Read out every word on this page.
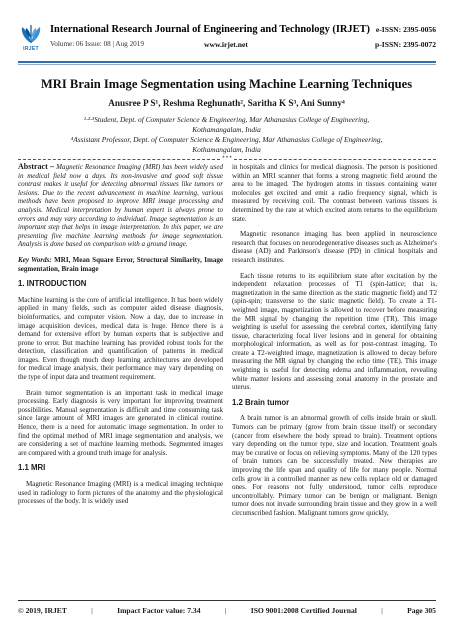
IRJET
International Research Journal of Engineering and Technology (IRJET)
Volume: 06 Issue: 08 | Aug 2019	www.irjet.net
e-ISSN: 2395-0056
p-ISSN: 2395-0072
MRI Brain Image Segmentation using Machine Learning Techniques
Anusree P S¹, Reshma Reghunath², Saritha K S³, Ani Sunny⁴
¹·²·³Student, Dept. of Computer Science & Engineering, Mar Athanasius College of Engineering,
Kothamangalam, India
⁴Assistant Professor, Dept. of Computer Science & Engineering, Mar Athanasius College of Engineering,
Kothamangalam, India
***

Abstract – Magnetic Resonance Imaging (MRI) has been widely used in medical field now a days. Its non-invasive and good soft tissue contrast makes it useful for detecting abnormal tissues like tumors or lesions. Due to the recent advancement in machine learning, various methods have been proposed to improve MRI image processing and analysis. Medical interpretation by human expert is always prone to errors and may vary according to individual. Image segmentation is an important step that helps in image interpretation. In this paper, we are presenting five machine learning methods for image segmentation. Analysis is done based on comparison with a ground image.

Key Words: MRI, Mean Square Error, Structural Similarity, Image segmentation, Brain image

1. INTRODUCTION

Machine learning is the core of artificial intelligence. It has been widely applied in many fields, such as computer aided disease diagnosis, bioinformatics, and computer vision. Now a day, due to increase in image acquisition devices, medical data is huge. Hence there is a demand for extensive effort by human experts that is subjective and prone to error. But machine learning has provided robust tools for the detection, classification and quantification of patterns in medical images. Even though much deep learning architectures are developed for medical image analysis, their performance may vary depending on the type of input data and treatment requirement.

Brain tumor segmentation is an important task in medical image processing. Early diagnosis is very important for improving treatment possibilities. Manual segmentation is difficult and time consuming task since large amount of MRI images are generated in clinical routine. Hence, there is a need for automatic image segmentation. In order to find the optimal method of MRI image segmentation and analysis, we are considering a set of machine learning methods. Segmented images are compared with a ground truth image for analysis.

1.1 MRI

Magnetic Resonance Imaging (MRI) is a medical imaging technique used in radiology to form pictures of the anatomy and the physiological processes of the body. It is widely used

in hospitals and clinics for medical diagnosis. The person is positioned within an MRI scanner that forms a strong magnetic field around the area to be imaged. The hydrogen atoms in tissues containing water molecules get excited and emit a radio frequency signal, which is measured by receiving coil. The contrast between various tissues is determined by the rate at which excited atom returns to the equilibrium state.

Magnetic resonance imaging has been applied in neuroscience research that focuses on neurodegenerative diseases such as Alzheimer's disease (AD) and Parkinson's disease (PD) in clinical hospitals and research institutes.

Each tissue returns to its equilibrium state after excitation by the independent relaxation processes of T1 (spin-lattice; that is, magnetization in the same direction as the static magnetic field) and T2 (spin-spin; transverse to the static magnetic field). To create a T1-weighted image, magnetization is allowed to recover before measuring the MR signal by changing the repetition time (TR). This image weighting is useful for assessing the cerebral cortex, identifying fatty tissue, characterizing focal liver lesions and in general for obtaining morphological information, as well as for post-contrast imaging. To create a T2-weighted image, magnetization is allowed to decay before measuring the MR signal by changing the echo time (TE). This image weighting is useful for detecting edema and inflammation, revealing white matter lesions and assessing zonal anatomy in the prostate and uterus.

1.2 Brain tumor

A brain tumor is an abnormal growth of cells inside brain or skull. Tumors can be primary (grow from brain tissue itself) or secondary (cancer from elsewhere the body spread to brain). Treatment options vary depending on the tumor type, size and location. Treatment goals may be curative or focus on relieving symptoms. Many of the 120 types of brain tumors can be successfully treated. New therapies are improving the life span and quality of life for many people. Normal cells grow in a controlled manner as new cells replace old or damaged ones. For reasons not fully understood, tumor cells reproduce uncontrollably. Primary tumor can be benign or malignant. Benign tumor does not invade surrounding brain tissue and they grow in a well circumscribed fashion. Malignant tumors grow quickly,

© 2019, IRJET	|	Impact Factor value: 7.34	|	ISO 9001:2008 Certified Journal	|	Page 305
